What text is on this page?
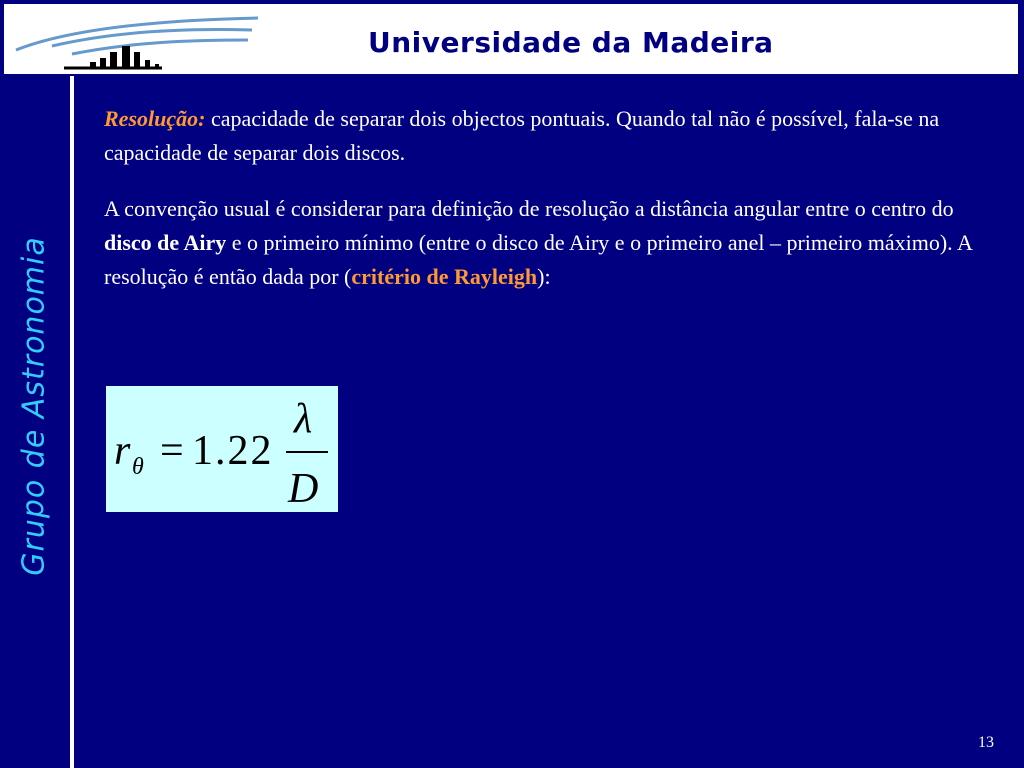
Universidade da Madeira
Grupo de Astronomia

Resolução: capacidade de separar dois objectos pontuais. Quando tal não é possível, fala-se na capacidade de separar dois discos.

A convenção usual é considerar para definição de resolução a distância angular entre o centro do disco de Airy e o primeiro mínimo (entre o disco de Airy e o primeiro anel – primeiro máximo). A resolução é então dada por (critério de Rayleigh):

r θ = 1.22
λ
D
13
